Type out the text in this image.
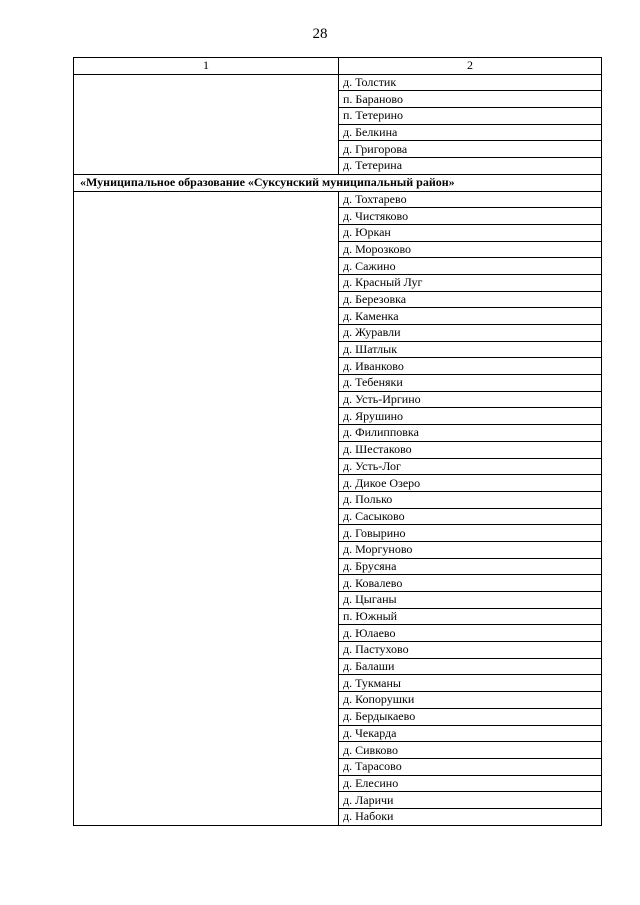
28
1	2
	д. Толстик
	п. Бараново
	п. Тетерино
	д. Белкина
	д. Григорова
	д. Тетерина
«Муниципальное образование «Суксунский муниципальный район»	
	д. Тохтарево
	д. Чистяково
	д. Юркан
	д. Морозково
	д. Сажино
	д. Красный Луг
	д. Березовка
	д. Каменка
	д. Журавли
	д. Шатлык
	д. Иванково
	д. Тебеняки
	д. Усть-Иргино
	д. Ярушино
	д. Филипповка
	д. Шестаково
	д. Усть-Лог
	д. Дикое Озеро
	д. Полько
	д. Сасыково
	д. Говырино
	д. Моргуново
	д. Брусяна
	д. Ковалево
	д. Цыганы
	п. Южный
	д. Юлаево
	д. Пастухово
	д. Балаши
	д. Тукманы
	д. Копорушки
	д. Бердыкаево
	д. Чекарда
	д. Сивково
	д. Тарасово
	д. Елесино
	д. Ларичи
	д. Набоки
